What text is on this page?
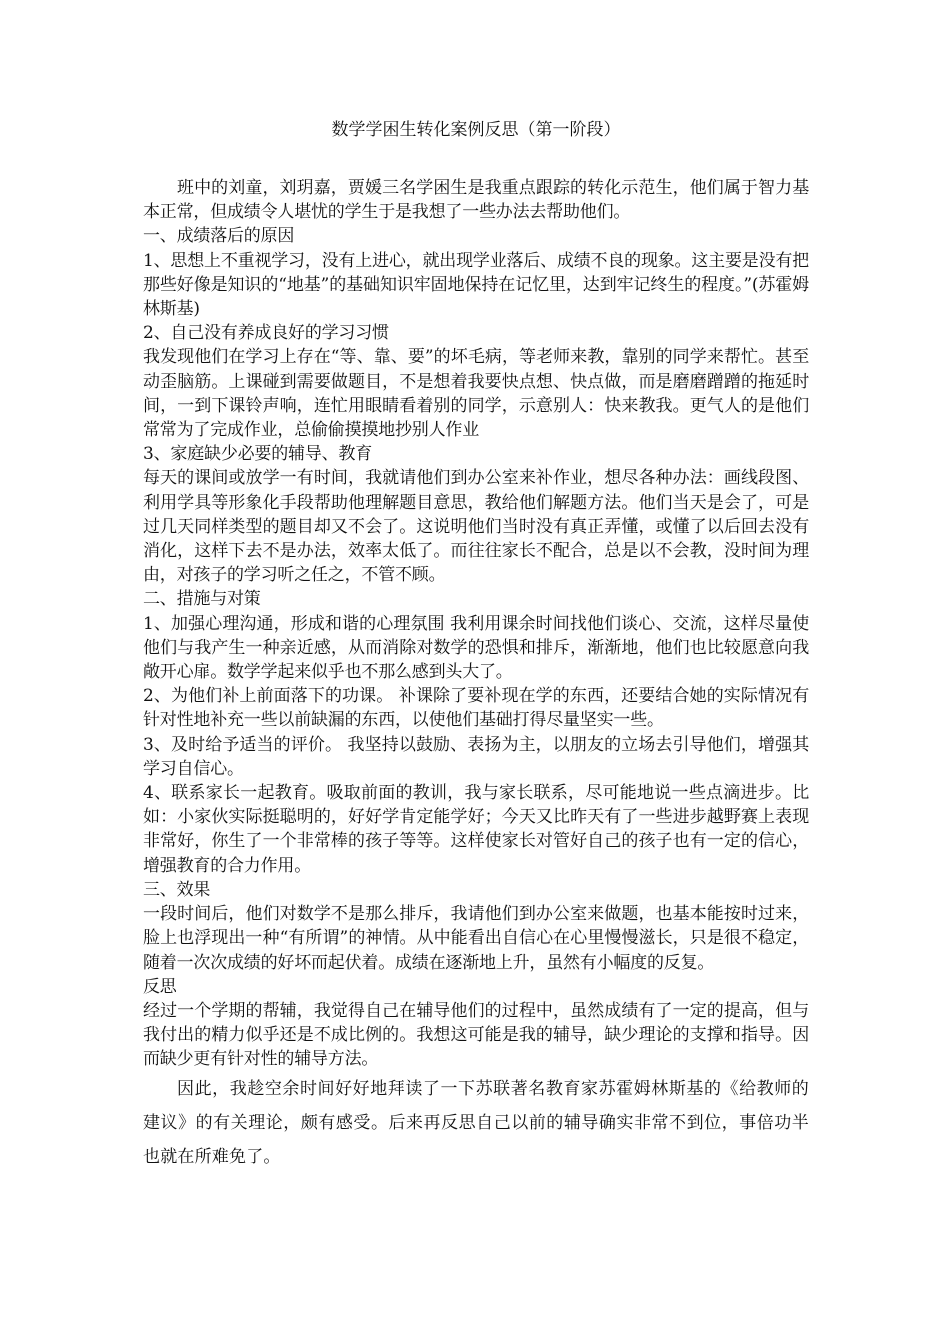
数学学困生转化案例反思（第一阶段）

班中的刘童，刘玥嘉，贾媛三名学困生是我重点跟踪的转化示范生，他们属于智力基本正常，但成绩令人堪忧的学生于是我想了一些办法去帮助他们。

一、成绩落后的原因

1、思想上不重视学习，没有上进心，就出现学业落后、成绩不良的现象。这主要是没有把那些好像是知识的“地基”的基础知识牢固地保持在记忆里，达到牢记终生的程度。”(苏霍姆林斯基)

2、自己没有养成良好的学习习惯

我发现他们在学习上存在“等、靠、要”的坏毛病，等老师来教，靠别的同学来帮忙。甚至动歪脑筋。上课碰到需要做题目，不是想着我要快点想、快点做，而是磨磨蹭蹭的拖延时间，一到下课铃声响，连忙用眼睛看着别的同学，示意别人：快来教我。更气人的是他们常常为了完成作业，总偷偷摸摸地抄别人作业

3、家庭缺少必要的辅导、教育

每天的课间或放学一有时间，我就请他们到办公室来补作业，想尽各种办法：画线段图、利用学具等形象化手段帮助他理解题目意思，教给他们解题方法。他们当天是会了，可是过几天同样类型的题目却又不会了。这说明他们当时没有真正弄懂，或懂了以后回去没有消化，这样下去不是办法，效率太低了。而往往家长不配合，总是以不会教，没时间为理由，对孩子的学习听之任之，不管不顾。

二、措施与对策

1、加强心理沟通，形成和谐的心理氛围 我利用课余时间找他们谈心、交流，这样尽量使他们与我产生一种亲近感，从而消除对数学的恐惧和排斥，渐渐地，他们也比较愿意向我敞开心扉。数学学起来似乎也不那么感到头大了。

2、为他们补上前面落下的功课。 补课除了要补现在学的东西，还要结合她的实际情况有针对性地补充一些以前缺漏的东西，以使他们基础打得尽量坚实一些。

3、及时给予适当的评价。 我坚持以鼓励、表扬为主，以朋友的立场去引导他们，增强其学习自信心。

4、联系家长一起教育。吸取前面的教训，我与家长联系，尽可能地说一些点滴进步。比如：小家伙实际挺聪明的，好好学肯定能学好；今天又比昨天有了一些进步越野赛上表现非常好，你生了一个非常棒的孩子等等。这样使家长对管好自己的孩子也有一定的信心，增强教育的合力作用。

三、效果

一段时间后，他们对数学不是那么排斥，我请他们到办公室来做题，也基本能按时过来，脸上也浮现出一种“有所谓”的神情。从中能看出自信心在心里慢慢滋长，只是很不稳定，随着一次次成绩的好坏而起伏着。成绩在逐渐地上升，虽然有小幅度的反复。

反思

经过一个学期的帮辅，我觉得自己在辅导他们的过程中，虽然成绩有了一定的提高，但与我付出的精力似乎还是不成比例的。我想这可能是我的辅导，缺少理论的支撑和指导。因而缺少更有针对性的辅导方法。

因此，我趁空余时间好好地拜读了一下苏联著名教育家苏霍姆林斯基的《给教师的建议》的有关理论，颇有感受。后来再反思自己以前的辅导确实非常不到位，事倍功半也就在所难免了。
